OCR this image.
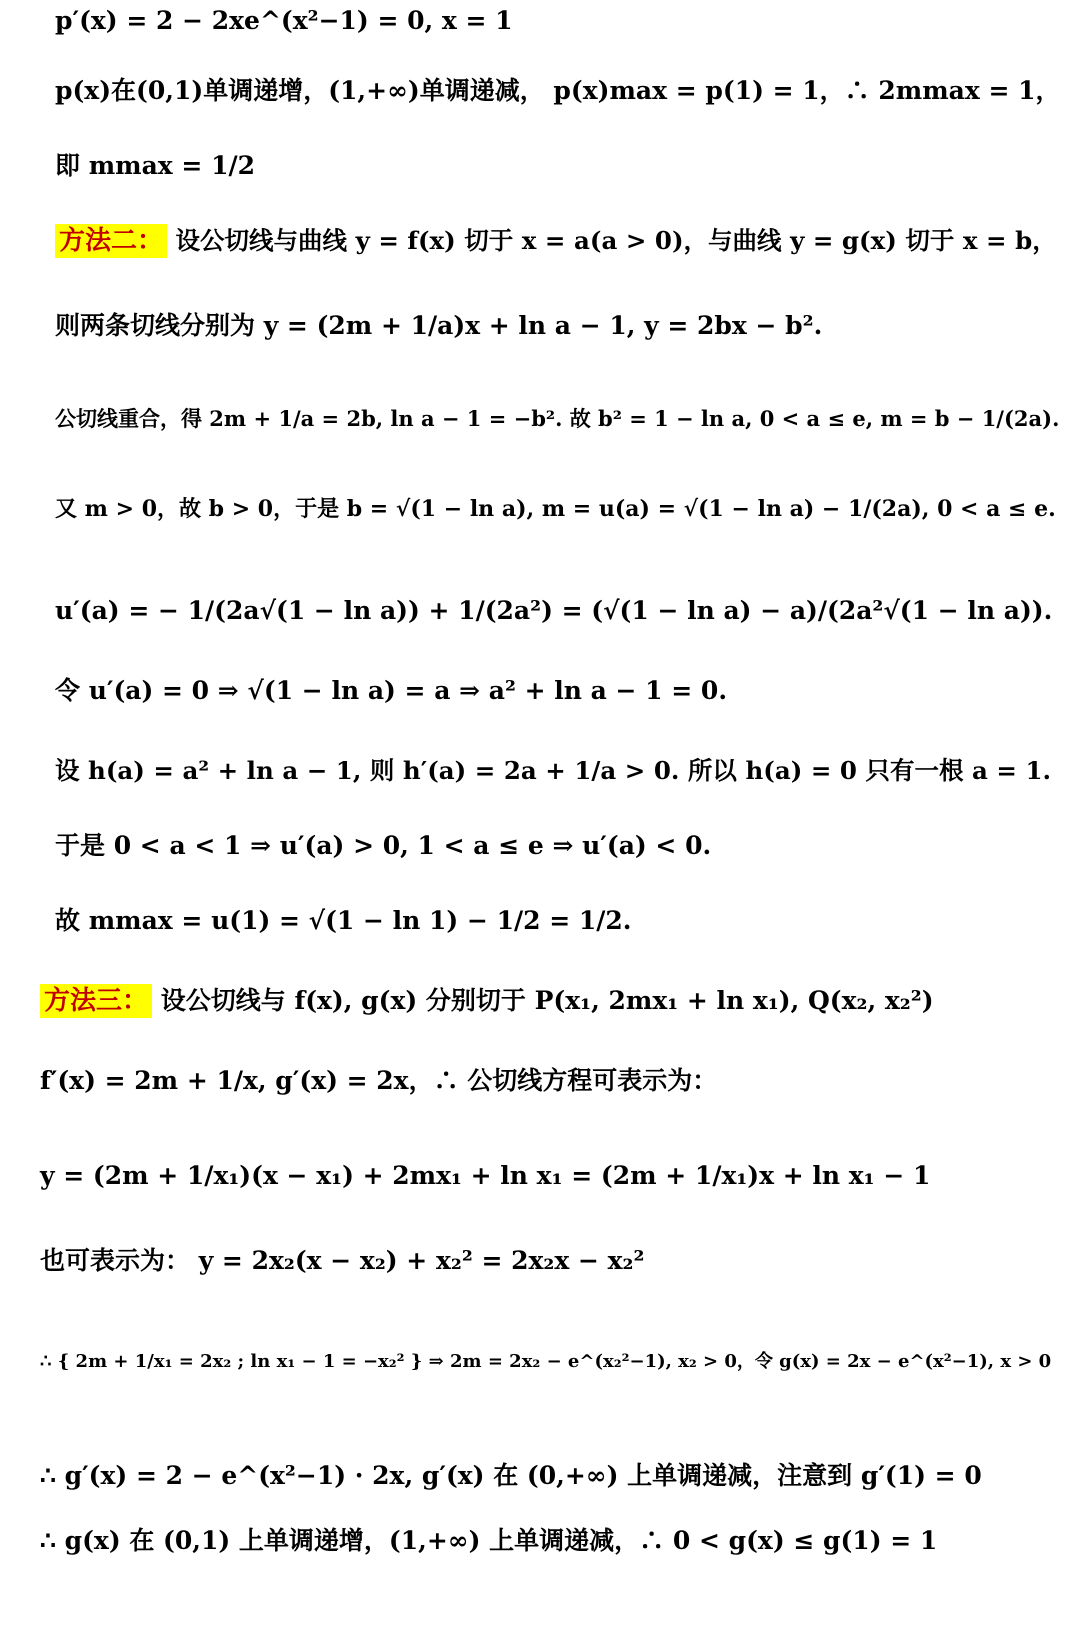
p′(x) = 2 − 2xe^(x²−1) = 0, x = 1
p(x)在(0,1)单调递增，(1,+∞)单调递减， p(x)max = p(1) = 1，∴ 2mmax = 1，
即 mmax = 1/2
方法二： 设公切线与曲线 y = f(x) 切于 x = a(a > 0)，与曲线 y = g(x) 切于 x = b，
则两条切线分别为 y = (2m + 1/a)x + ln a − 1, y = 2bx − b².
公切线重合，得 2m + 1/a = 2b, ln a − 1 = −b². 故 b² = 1 − ln a, 0 < a ≤ e, m = b − 1/(2a).
又 m > 0，故 b > 0，于是 b = √(1 − ln a), m = u(a) = √(1 − ln a) − 1/(2a), 0 < a ≤ e.
u′(a) = − 1/(2a√(1 − ln a)) + 1/(2a²) = (√(1 − ln a) − a)/(2a²√(1 − ln a)).
令 u′(a) = 0 ⇒ √(1 − ln a) = a ⇒ a² + ln a − 1 = 0.
设 h(a) = a² + ln a − 1, 则 h′(a) = 2a + 1/a > 0. 所以 h(a) = 0 只有一根 a = 1.
于是 0 < a < 1 ⇒ u′(a) > 0, 1 < a ≤ e ⇒ u′(a) < 0.
故 mmax = u(1) = √(1 − ln 1) − 1/2 = 1/2.
方法三： 设公切线与 f(x), g(x) 分别切于 P(x₁, 2mx₁ + ln x₁), Q(x₂, x₂²)
f′(x) = 2m + 1/x, g′(x) = 2x，∴ 公切线方程可表示为：
y = (2m + 1/x₁)(x − x₁) + 2mx₁ + ln x₁ = (2m + 1/x₁)x + ln x₁ − 1
也可表示为： y = 2x₂(x − x₂) + x₂² = 2x₂x − x₂²
∴ { 2m + 1/x₁ = 2x₂ ; ln x₁ − 1 = −x₂² } ⇒ 2m = 2x₂ − e^(x₂²−1), x₂ > 0，令 g(x) = 2x − e^(x²−1), x > 0
∴ g′(x) = 2 − e^(x²−1) · 2x, g′(x) 在 (0,+∞) 上单调递减，注意到 g′(1) = 0
∴ g(x) 在 (0,1) 上单调递增，(1,+∞) 上单调递减，∴ 0 < g(x) ≤ g(1) = 1
